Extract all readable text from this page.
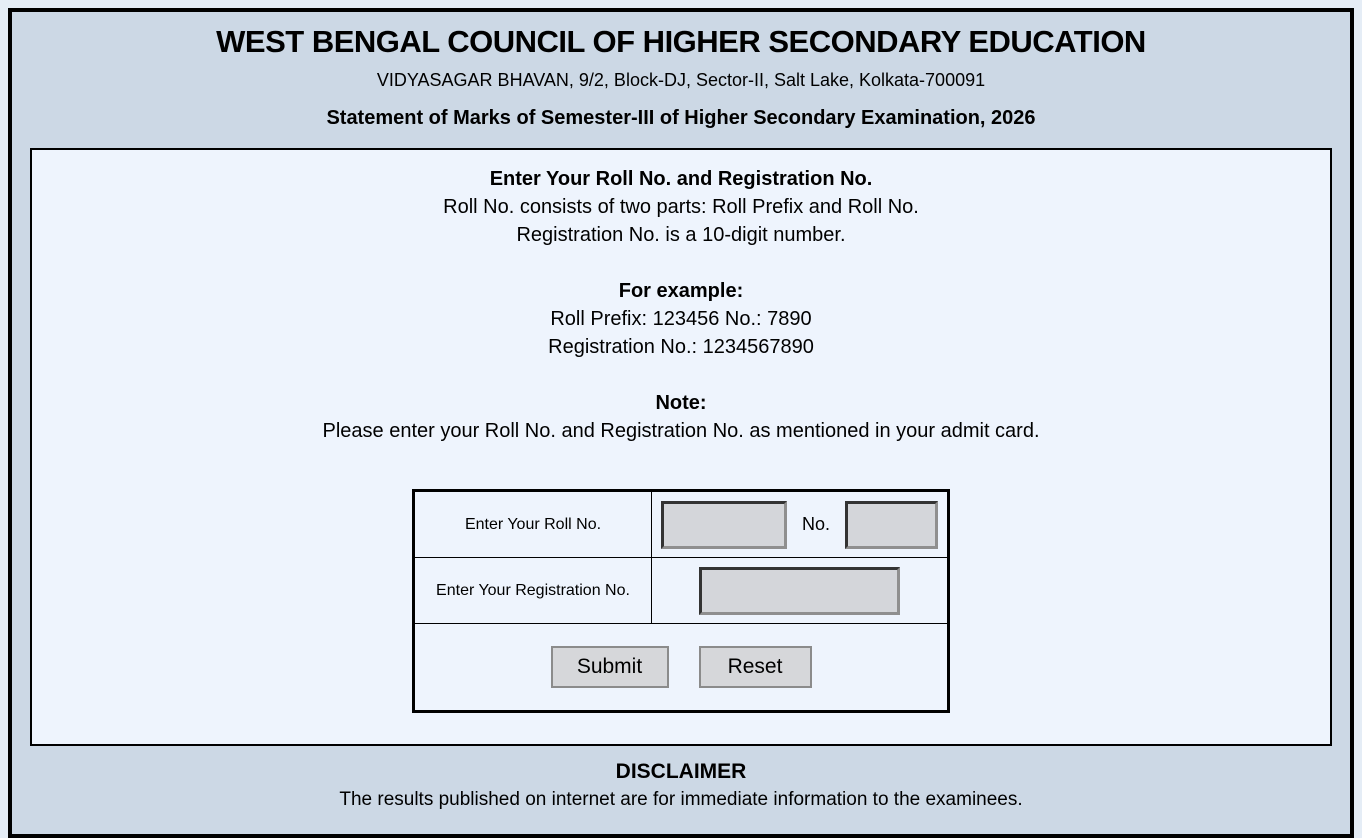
WEST BENGAL COUNCIL OF HIGHER SECONDARY EDUCATION
VIDYASAGAR BHAVAN, 9/2, Block-DJ, Sector-II, Salt Lake, Kolkata-700091
Statement of Marks of Semester-III of Higher Secondary Examination, 2026

Enter Your Roll No. and Registration No.

Roll No. consists of two parts: Roll Prefix and Roll No.

Registration No. is a 10-digit number.

For example:

Roll Prefix: 123456 No.: 7890

Registration No.: 1234567890

Note:

Please enter your Roll No. and Registration No. as mentioned in your admit card.

Enter Your Roll No.	No.
Enter Your Registration No.
Submit	Reset
DISCLAIMER
The results published on internet are for immediate information to the examinees.
